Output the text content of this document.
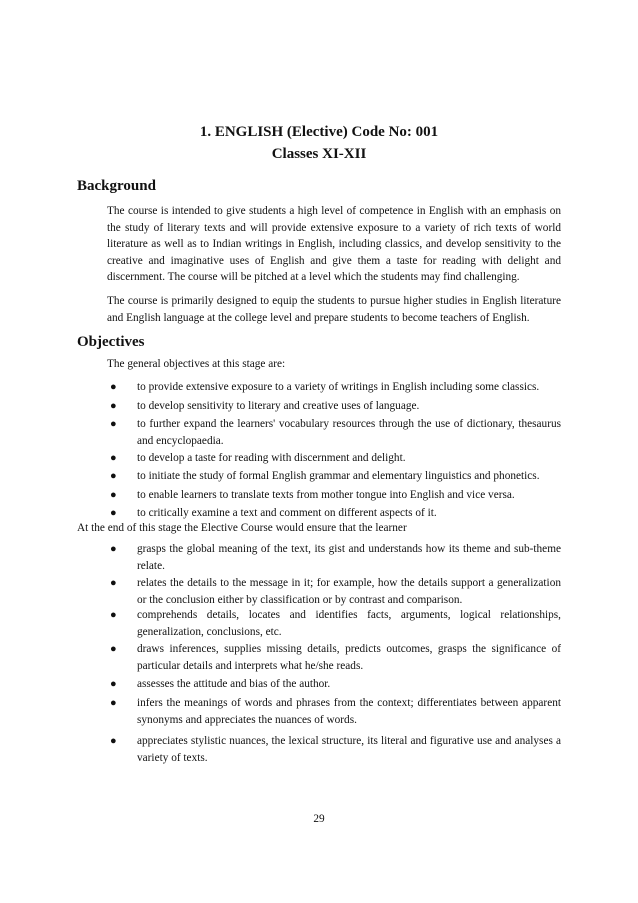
1. ENGLISH (Elective) Code No: 001
Classes XI-XII
Background
The course is intended to give students a high level of competence in English with an emphasis on the study of literary texts and will provide extensive exposure to a variety of rich texts of world literature as well as to Indian writings in English, including classics, and develop sensitivity to the creative and imaginative uses of English and give them a taste for reading with delight and discernment. The course will be pitched at a level which the students may find challenging.
The course is primarily designed to equip the students to pursue higher studies in English literature and English language at the college level and prepare students to become teachers of English.
Objectives
The general objectives at this stage are:
● to provide extensive exposure to a variety of writings in English including some classics.
● to develop sensitivity to literary and creative uses of language.
● to further expand the learners' vocabulary resources through the use of dictionary, thesaurus and encyclopaedia.
● to develop a taste for reading with discernment and delight.
● to initiate the study of formal English grammar and elementary linguistics and phonetics.
● to enable learners to translate texts from mother tongue into English and vice versa.
● to critically examine a text and comment on different aspects of it.
At the end of this stage the Elective Course would ensure that the learner
● grasps the global meaning of the text, its gist and understands how its theme and sub-theme relate.
● relates the details to the message in it; for example, how the details support a generalization or the conclusion either by classification or by contrast and comparison.
● comprehends details, locates and identifies facts, arguments, logical relationships, generalization, conclusions, etc.
● draws inferences, supplies missing details, predicts outcomes, grasps the significance of particular details and interprets what he/she reads.
● assesses the attitude and bias of the author.
● infers the meanings of words and phrases from the context; differentiates between apparent synonyms and appreciates the nuances of words.
● appreciates stylistic nuances, the lexical structure, its literal and figurative use and analyses a variety of texts.
29
